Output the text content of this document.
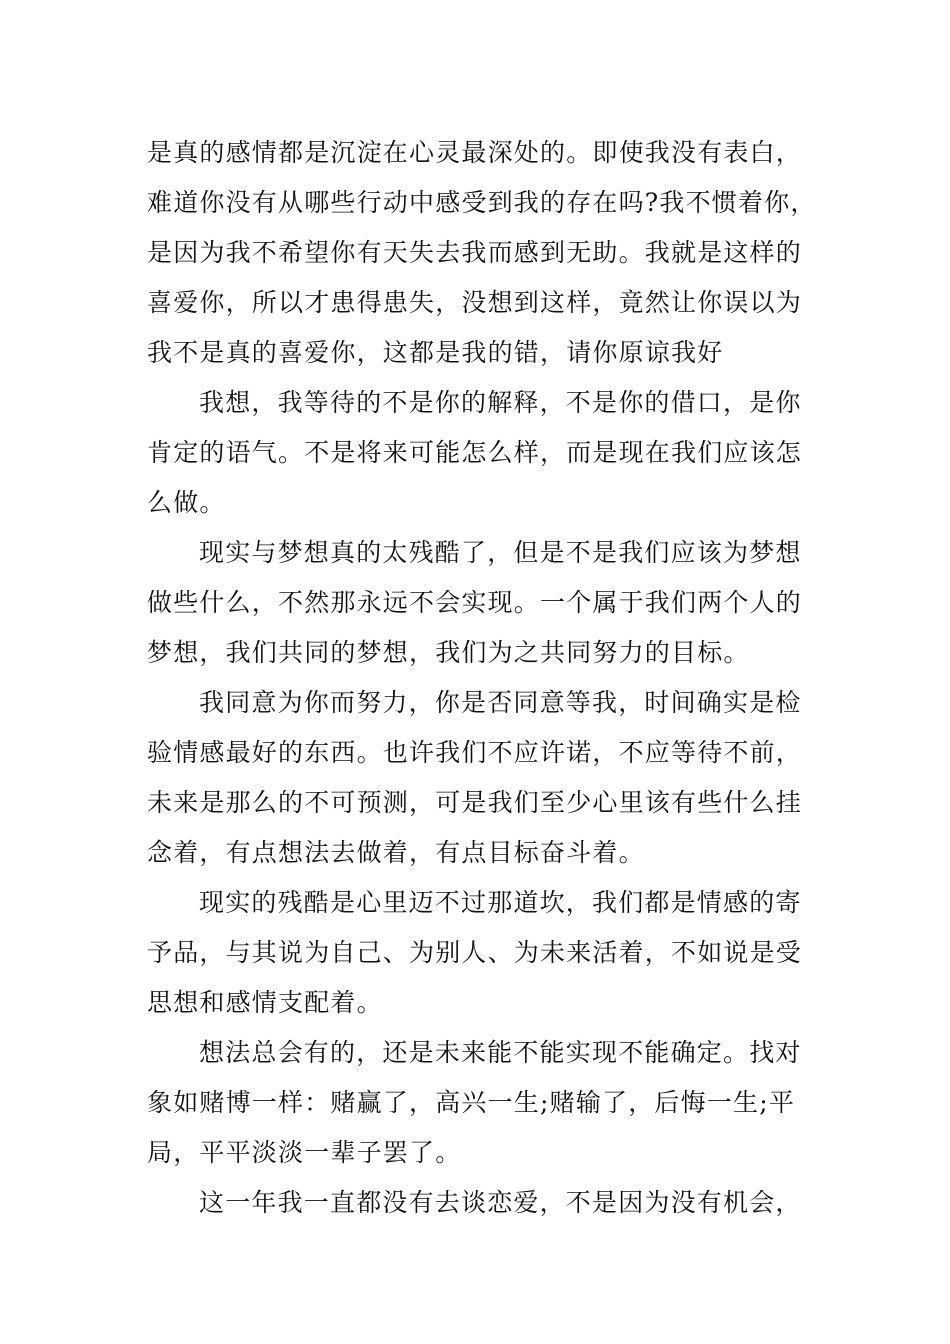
是真的感情都是沉淀在心灵最深处的。即使我没有表白，
难道你没有从哪些行动中感受到我的存在吗?我不惯着你，
是因为我不希望你有天失去我而感到无助。我就是这样的
喜爱你，所以才患得患失，没想到这样，竟然让你误以为
我不是真的喜爱你，这都是我的错，请你原谅我好
我想，我等待的不是你的解释，不是你的借口，是你
肯定的语气。不是将来可能怎么样，而是现在我们应该怎
么做。
现实与梦想真的太残酷了，但是不是我们应该为梦想
做些什么，不然那永远不会实现。一个属于我们两个人的
梦想，我们共同的梦想，我们为之共同努力的目标。
我同意为你而努力，你是否同意等我，时间确实是检
验情感最好的东西。也许我们不应许诺，不应等待不前，
未来是那么的不可预测，可是我们至少心里该有些什么挂
念着，有点想法去做着，有点目标奋斗着。
现实的残酷是心里迈不过那道坎，我们都是情感的寄
予品，与其说为自己、为别人、为未来活着，不如说是受
思想和感情支配着。
想法总会有的，还是未来能不能实现不能确定。找对
象如赌博一样：赌赢了，高兴一生;赌输了，后悔一生;平
局，平平淡淡一辈子罢了。
这一年我一直都没有去谈恋爱，不是因为没有机会，
